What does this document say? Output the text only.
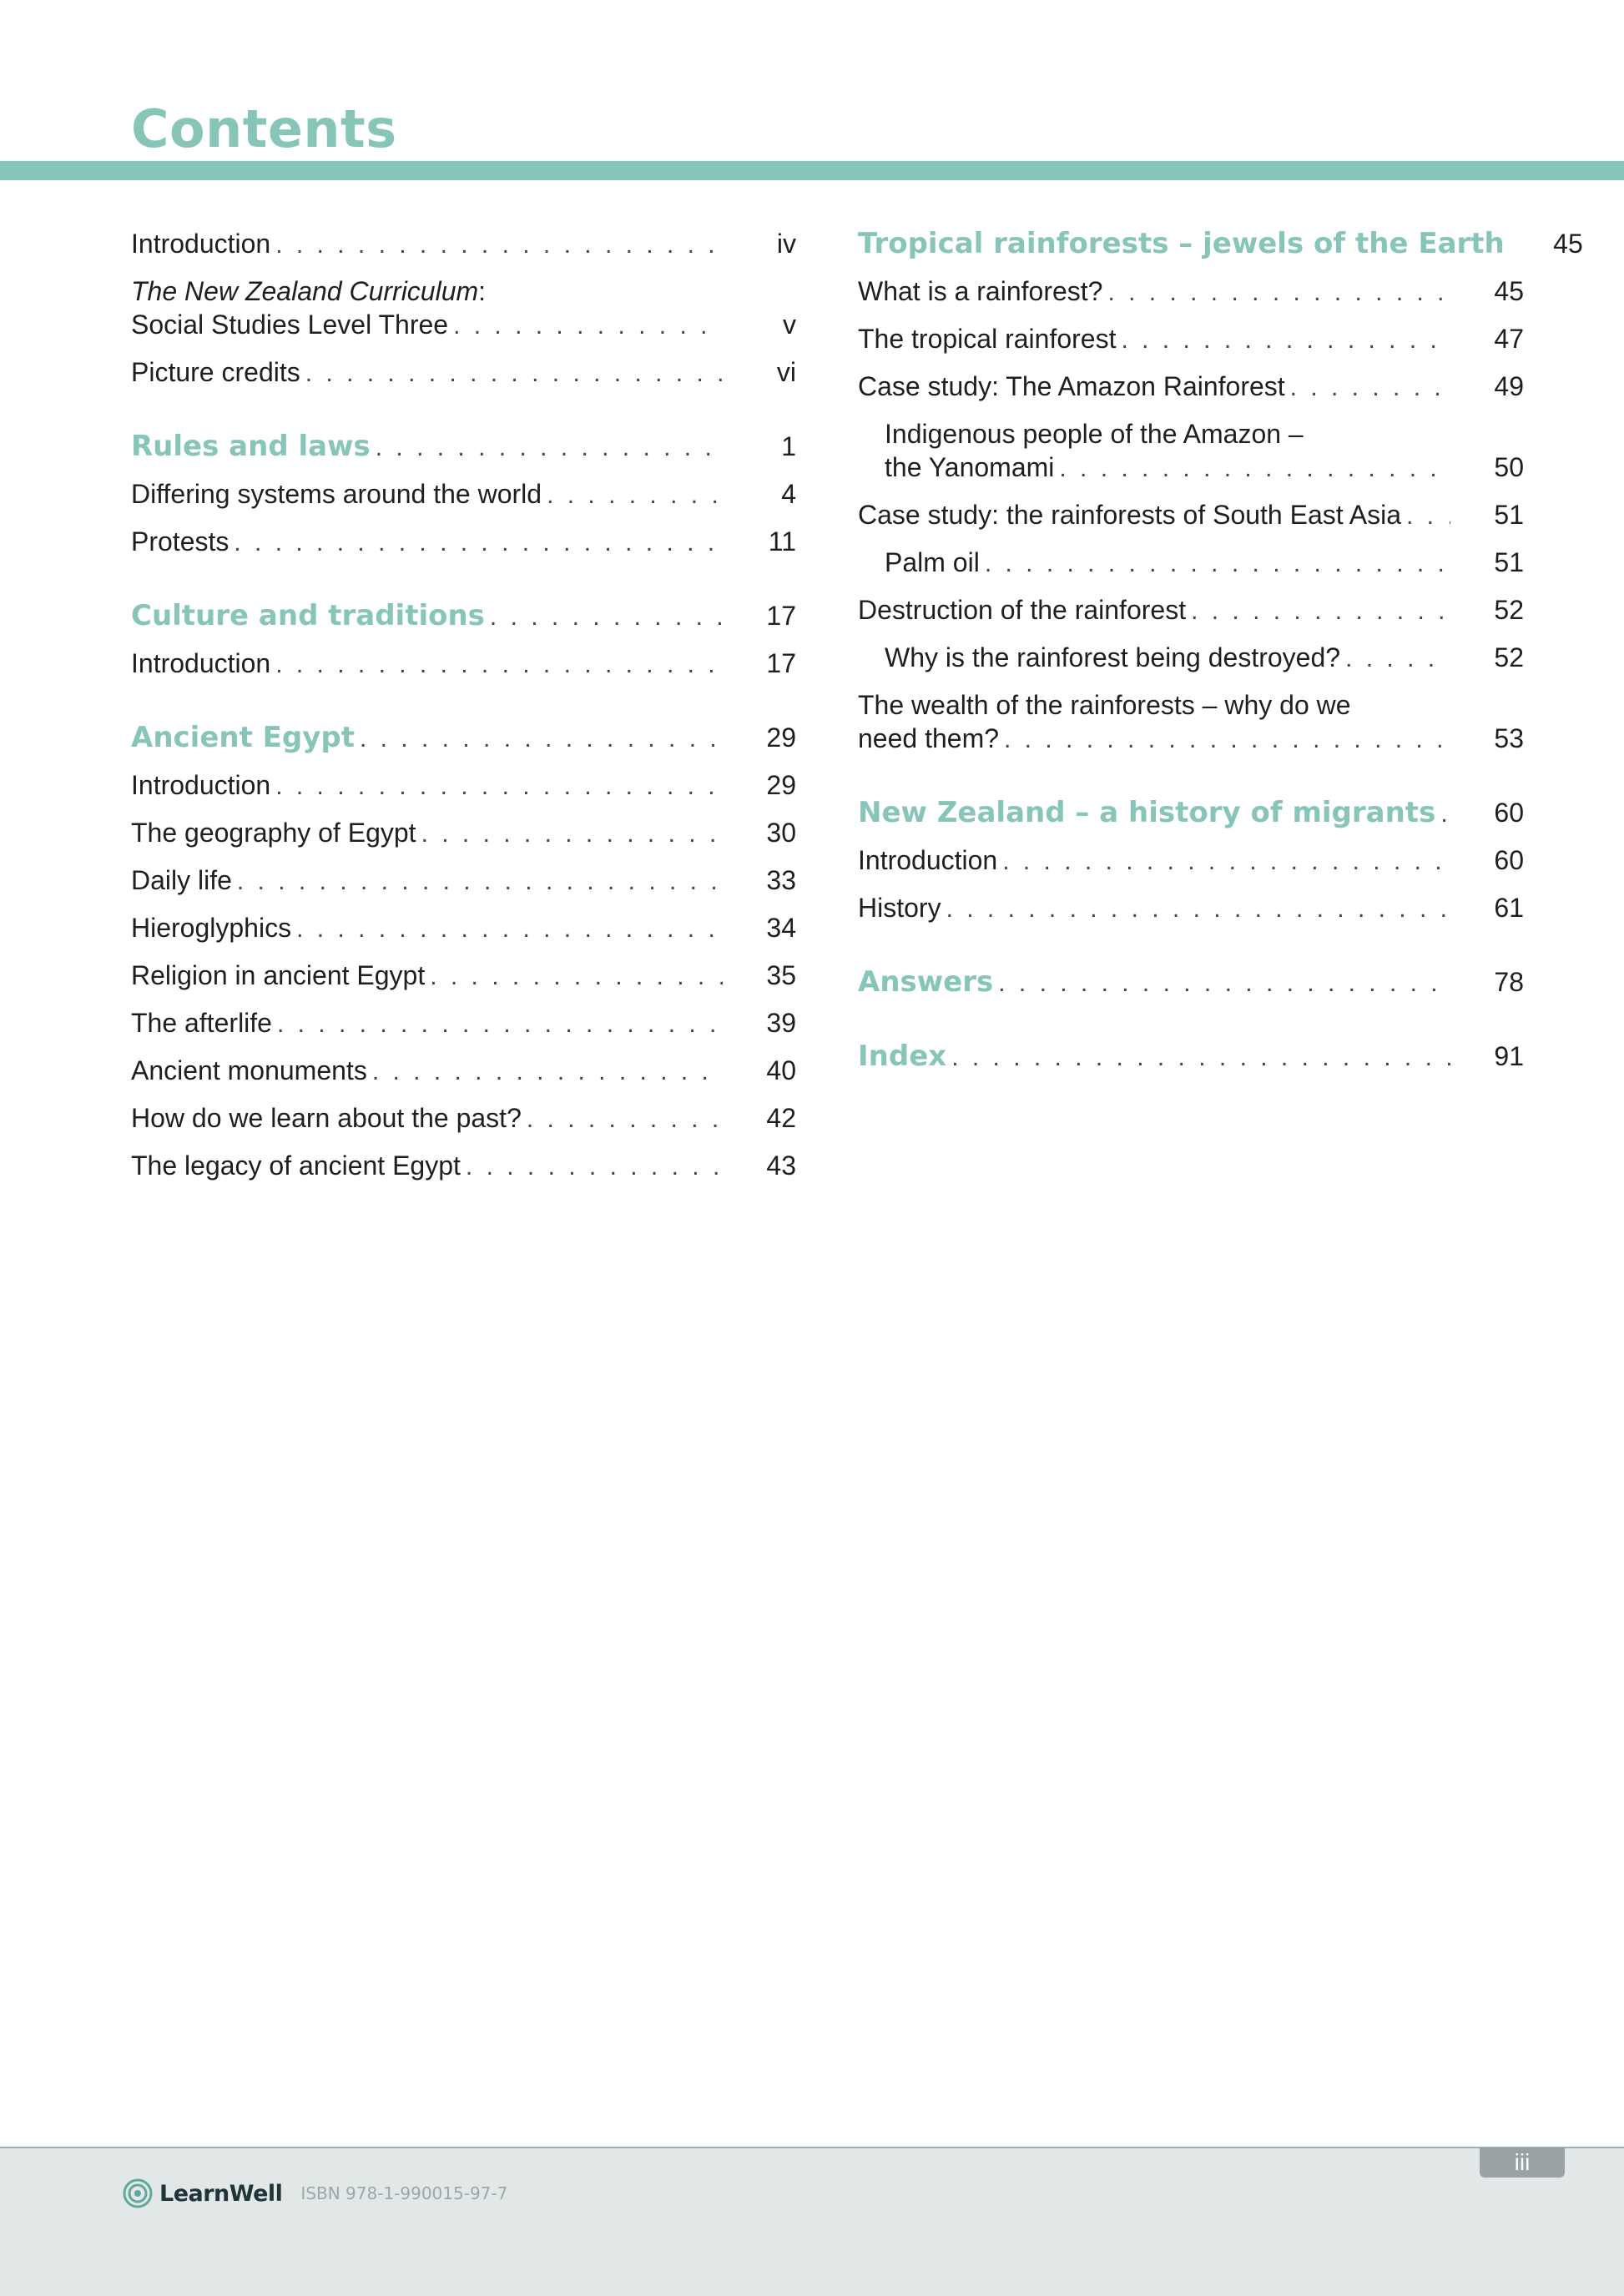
Contents
Introduction . . .	iv
The New Zealand Curriculum:
Social Studies Level Three . . .	v
Picture credits . . .	vi
Rules and laws . . .	1
Differing systems around the world . . .	4
Protests . . .	11
Culture and traditions . . .	17
Introduction . . .	17
Ancient Egypt . . .	29
Introduction . . .	29
The geography of Egypt . . .	30
Daily life . . .	33
Hieroglyphics . . .	34
Religion in ancient Egypt . . .	35
The afterlife . . .	39
Ancient monuments . . .	40
How do we learn about the past? . . .	42
The legacy of ancient Egypt . . .	43
Tropical rainforests – jewels of the Earth	45
What is a rainforest? . . .	45
The tropical rainforest . . .	47
Case study: The Amazon Rainforest . . .	49
Indigenous people of the Amazon –
the Yanomami . . .	50
Case study: the rainforests of South East Asia . . .	51
Palm oil . . .	51
Destruction of the rainforest . . .	52
Why is the rainforest being destroyed? . . .	52
The wealth of the rainforests – why do we
need them? . . .	53
New Zealand – a history of migrants . . .	60
Introduction . . .	60
History . . .	61
Answers . . .	78
Index . . .	91
iii
LearnWell ISBN 978-1-990015-97-7
